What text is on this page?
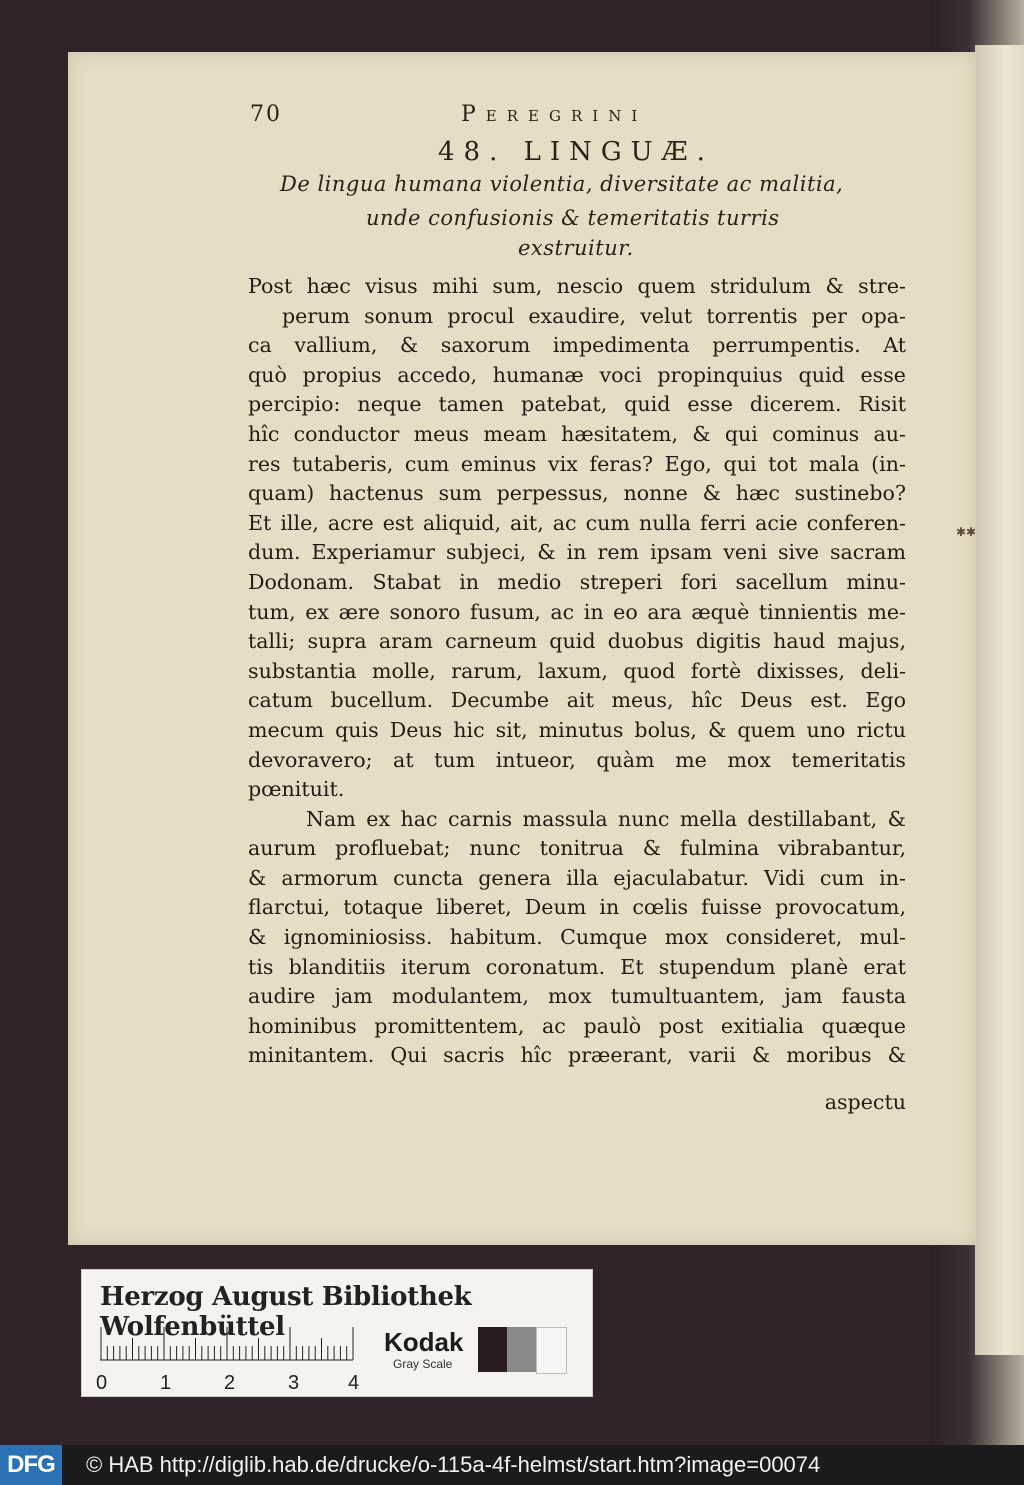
70	Peregrini
48. LINGUÆ.
De lingua humana violentia, diversitate ac malitia,
unde confusionis & temeritatis turris
exstruitur.
Post hæc visus mihi sum, nescio quem stridulum & stre-
perum sonum procul exaudire, velut torrentis per opa-
ca vallium, & saxorum impedimenta perrumpentis. At
quò propius accedo, humanæ voci propinquius quid esse
percipio: neque tamen patebat, quid esse dicerem. Risit
hîc conductor meus meam hæsitatem, & qui cominus au-
res tutaberis, cum eminus vix feras? Ego, qui tot mala (in-
quam) hactenus sum perpessus, nonne & hæc sustinebo?
Et ille, acre est aliquid, ait, ac cum nulla ferri acie conferen-
dum. Experiamur subjeci, & in rem ipsam veni sive sacram
Dodonam. Stabat in medio streperi fori sacellum minu-
tum, ex ære sonoro fusum, ac in eo ara æquè tinnientis me-
talli; supra aram carneum quid duobus digitis haud majus,
substantia molle, rarum, laxum, quod fortè dixisses, deli-
catum bucellum. Decumbe ait meus, hîc Deus est. Ego
mecum quis Deus hic sit, minutus bolus, & quem uno rictu
devoravero; at tum intueor, quàm me mox temeritatis
pœnituit.
Nam ex hac carnis massula nunc mella destillabant, &
aurum profluebat; nunc tonitrua & fulmina vibrabantur,
& armorum cuncta genera illa ejaculabatur. Vidi cum in-
flarctui, totaque liberet, Deum in cœlis fuisse provocatum,
& ignominiosiss. habitum. Cumque mox consideret, mul-
tis blanditiis iterum coronatum. Et stupendum planè erat
audire jam modulantem, mox tumultuantem, jam fausta
hominibus promittentem, ac paulò post exitialia quæque
minitantem. Qui sacris hîc præerant, varii & moribus &
aspectu
✱✱
Herzog August Bibliothek Wolfenbüttel
0	1	2	3 4
Kodak
Gray Scale
DFG	© HAB http://diglib.hab.de/drucke/o-115a-4f-helmst/start.htm?image=00074
